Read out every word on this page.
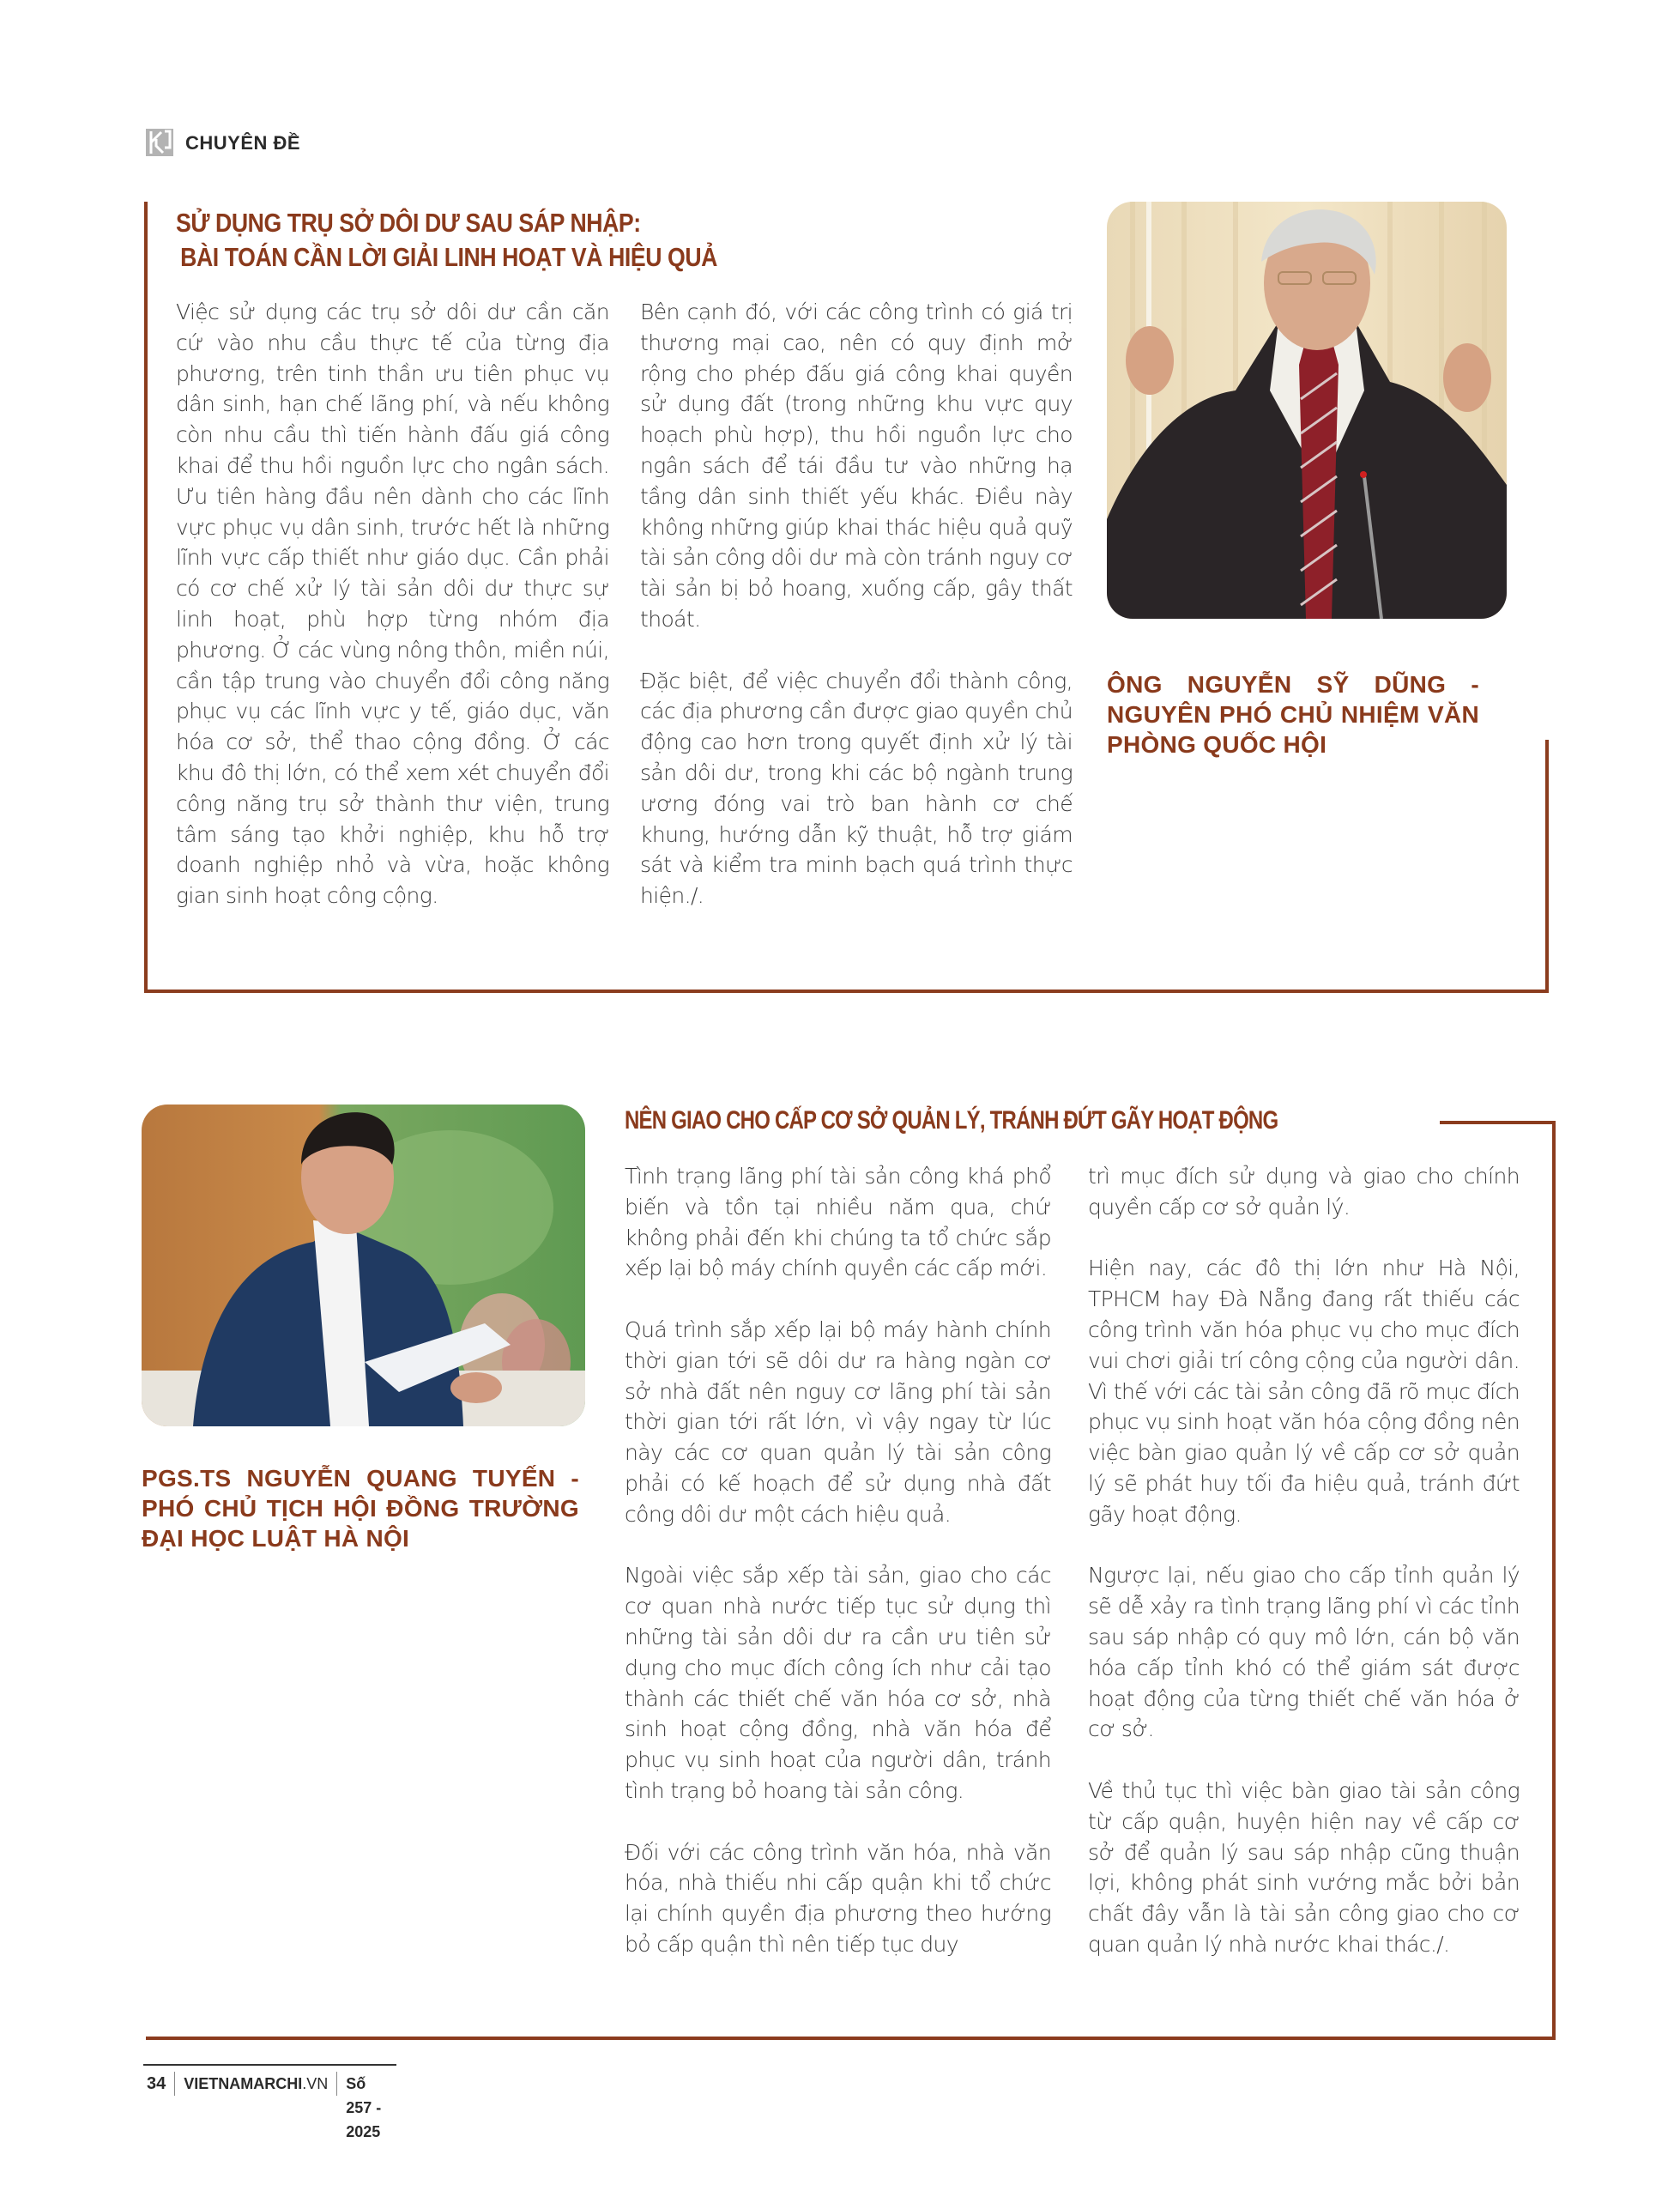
CHUYÊN ĐỀ
SỬ DỤNG TRỤ SỞ DÔI DƯ SAU SÁP NHẬP:
BÀI TOÁN CẦN LỜI GIẢI LINH HOẠT VÀ HIỆU QUẢ

Việc sử dụng các trụ sở dôi dư cần căn cứ vào nhu cầu thực tế của từng địa phương, trên tinh thần ưu tiên phục vụ dân sinh, hạn chế lãng phí, và nếu không còn nhu cầu thì tiến hành đấu giá công khai để thu hồi nguồn lực cho ngân sách. Ưu tiên hàng đầu nên dành cho các lĩnh vực phục vụ dân sinh, trước hết là những lĩnh vực cấp thiết như giáo dục. Cần phải có cơ chế xử lý tài sản dôi dư thực sự linh hoạt, phù hợp từng nhóm địa phương. Ở các vùng nông thôn, miền núi, cần tập trung vào chuyển đổi công năng phục vụ các lĩnh vực y tế, giáo dục, văn hóa cơ sở, thể thao cộng đồng. Ở các khu đô thị lớn, có thể xem xét chuyển đổi công năng trụ sở thành thư viện, trung tâm sáng tạo khởi nghiệp, khu hỗ trợ doanh nghiệp nhỏ và vừa, hoặc không gian sinh hoạt công cộng.

Bên cạnh đó, với các công trình có giá trị thương mại cao, nên có quy định mở rộng cho phép đấu giá công khai quyền sử dụng đất (trong những khu vực quy hoạch phù hợp), thu hồi nguồn lực cho ngân sách để tái đầu tư vào những hạ tầng dân sinh thiết yếu khác. Điều này không những giúp khai thác hiệu quả quỹ tài sản công dôi dư mà còn tránh nguy cơ tài sản bị bỏ hoang, xuống cấp, gây thất thoát.

Đặc biệt, để việc chuyển đổi thành công, các địa phương cần được giao quyền chủ động cao hơn trong quyết định xử lý tài sản dôi dư, trong khi các bộ ngành trung ương đóng vai trò ban hành cơ chế khung, hướng dẫn kỹ thuật, hỗ trợ giám sát và kiểm tra minh bạch quá trình thực hiện./.

ÔNG NGUYỄN SỸ DŨNG - NGUYÊN PHÓ CHỦ NHIỆM VĂN PHÒNG QUỐC HỘI
PGS.TS NGUYỄN QUANG TUYẾN - PHÓ CHỦ TỊCH HỘI ĐỒNG TRƯỜNG ĐẠI HỌC LUẬT HÀ NỘI
NÊN GIAO CHO CẤP CƠ SỞ QUẢN LÝ, TRÁNH ĐỨT GÃY HOẠT ĐỘNG

Tình trạng lãng phí tài sản công khá phổ biến và tồn tại nhiều năm qua, chứ không phải đến khi chúng ta tổ chức sắp xếp lại bộ máy chính quyền các cấp mới.

Quá trình sắp xếp lại bộ máy hành chính thời gian tới sẽ dôi dư ra hàng ngàn cơ sở nhà đất nên nguy cơ lãng phí tài sản thời gian tới rất lớn, vì vậy ngay từ lúc này các cơ quan quản lý tài sản công phải có kế hoạch để sử dụng nhà đất công dôi dư một cách hiệu quả.

Ngoài việc sắp xếp tài sản, giao cho các cơ quan nhà nước tiếp tục sử dụng thì những tài sản dôi dư ra cần ưu tiên sử dụng cho mục đích công ích như cải tạo thành các thiết chế văn hóa cơ sở, nhà sinh hoạt cộng đồng, nhà văn hóa để phục vụ sinh hoạt của người dân, tránh tình trạng bỏ hoang tài sản công.

Đối với các công trình văn hóa, nhà văn hóa, nhà thiếu nhi cấp quận khi tổ chức lại chính quyền địa phương theo hướng bỏ cấp quận thì nên tiếp tục duy

trì mục đích sử dụng và giao cho chính quyền cấp cơ sở quản lý.

Hiện nay, các đô thị lớn như Hà Nội, TPHCM hay Đà Nẵng đang rất thiếu các công trình văn hóa phục vụ cho mục đích vui chơi giải trí công cộng của người dân. Vì thế với các tài sản công đã rõ mục đích phục vụ sinh hoạt văn hóa cộng đồng nên việc bàn giao quản lý về cấp cơ sở quản lý sẽ phát huy tối đa hiệu quả, tránh đứt gãy hoạt động.

Ngược lại, nếu giao cho cấp tỉnh quản lý sẽ dễ xảy ra tình trạng lãng phí vì các tỉnh sau sáp nhập có quy mô lớn, cán bộ văn hóa cấp tỉnh khó có thể giám sát được hoạt động của từng thiết chế văn hóa ở cơ sở.

Về thủ tục thì việc bàn giao tài sản công từ cấp quận, huyện hiện nay về cấp cơ sở để quản lý sau sáp nhập cũng thuận lợi, không phát sinh vướng mắc bởi bản chất đây vẫn là tài sản công giao cho cơ quan quản lý nhà nước khai thác./.

34	VIETNAMARCHI.VN	Số 257 - 2025
